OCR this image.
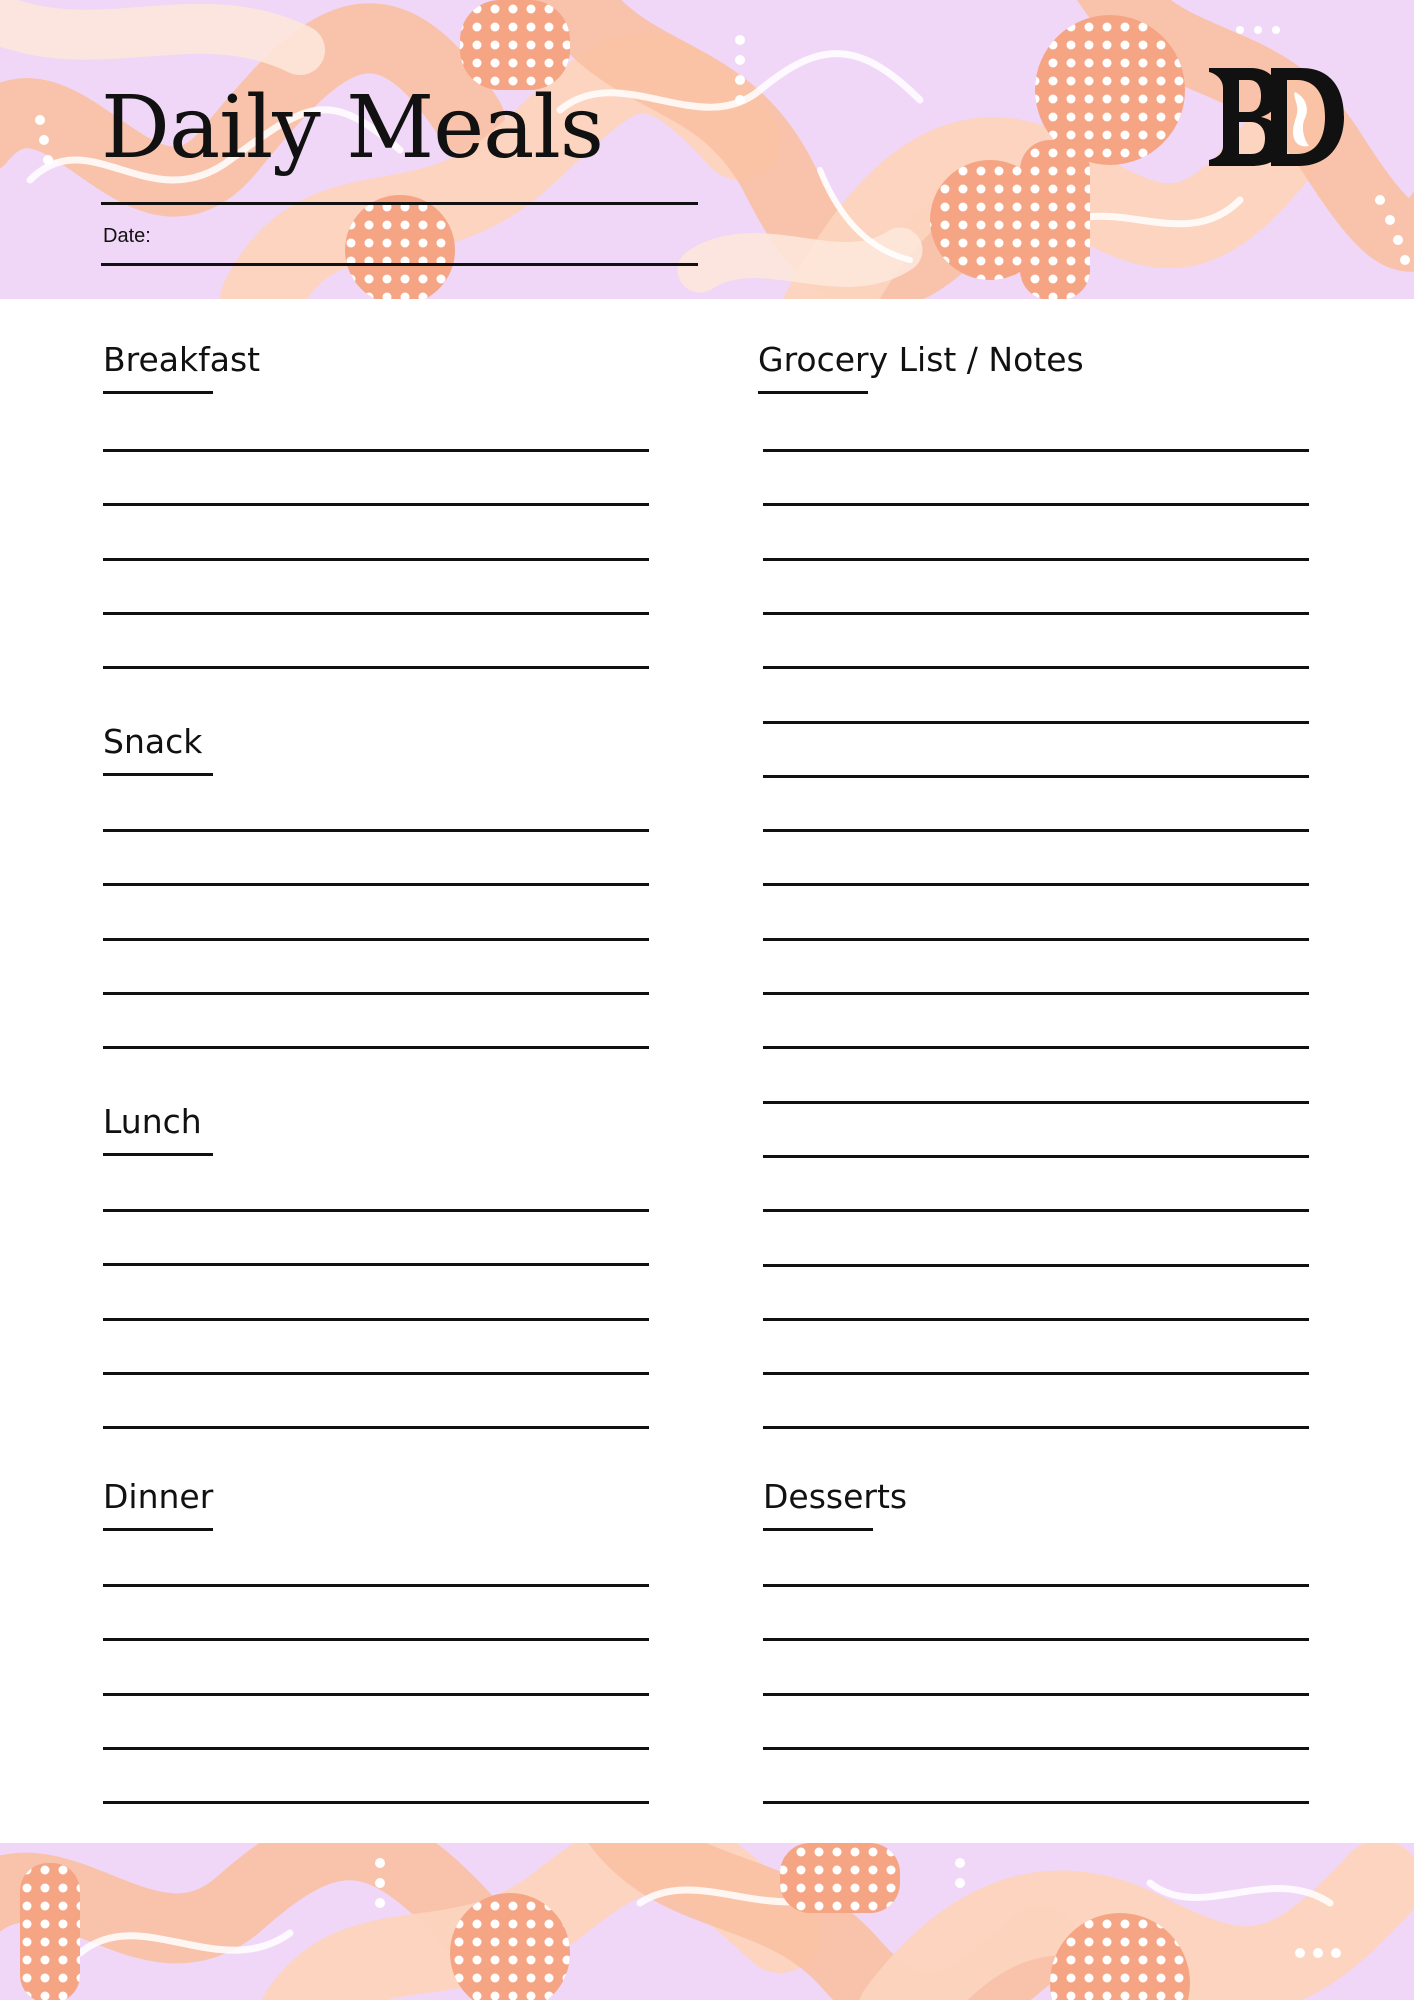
Daily Meals
Date:
Breakfast
Snack
Lunch
Dinner
Grocery List / Notes
Desserts
